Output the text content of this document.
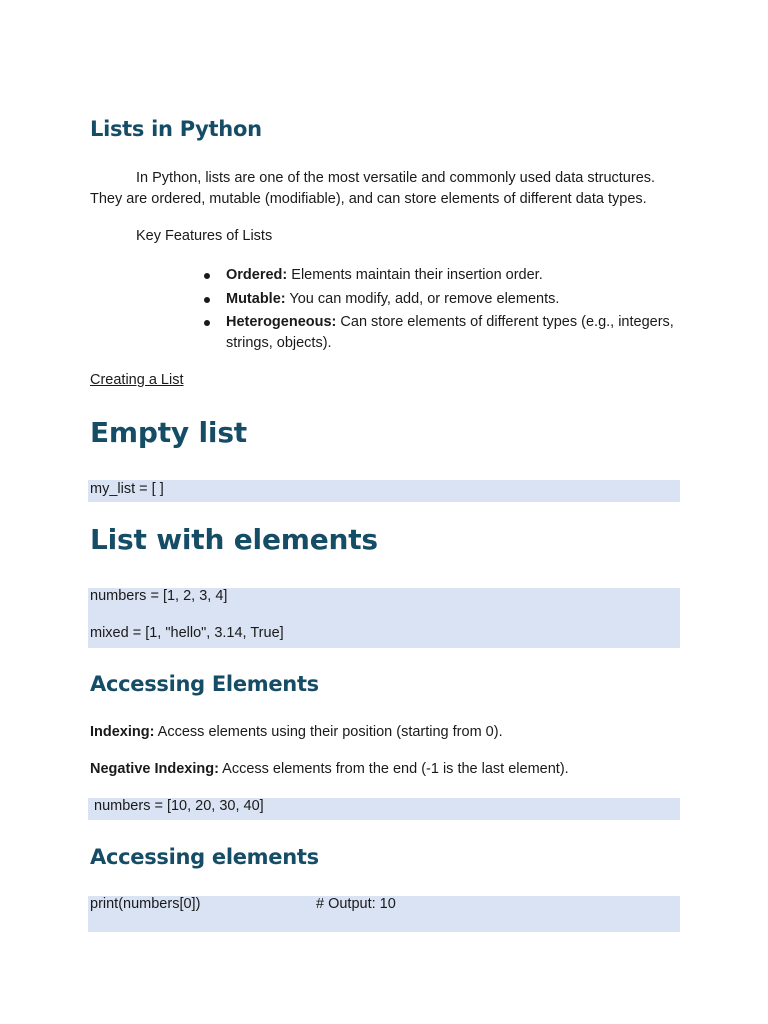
Lists in Python

In Python, lists are one of the most versatile and commonly used data structures. They are ordered, mutable (modifiable), and can store elements of different data types.

Key Features of Lists

Ordered: Elements maintain their insertion order.
Mutable: You can modify, add, or remove elements.
Heterogeneous: Can store elements of different types (e.g., integers, strings, objects).
Creating a List
Empty list
my_list = [ ]
List with elements
numbers = [1, 2, 3, 4]
mixed = [1, "hello", 3.14, True]
Accessing Elements

Indexing: Access elements using their position (starting from 0).

Negative Indexing: Access elements from the end (-1 is the last element).

numbers = [10, 20, 30, 40]
Accessing elements
print(numbers[0])	# Output: 10
